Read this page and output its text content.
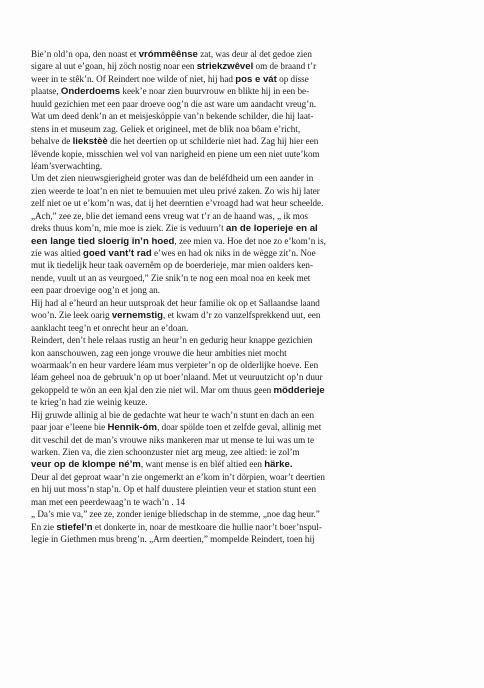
Bie’n old’n opa, den noast et vrómmêênse zat, was deur al det gedoe zien
sigare al uut e’goan, hij zöch nostig noar een striekzwêvel om de braand t’r
weer in te stêk’n. Of Reindert noe wilde of niet, hij had pos e vát op disse
plaatse, Onderdoems keek’e noar zien buurvrouw en blikte hij in een be-
huuld gezichien met een paar droeve oog’n die ast ware um aandacht vreug’n.
Wat um deed denk’n an et meisjesköppie van’n bekende schilder, die hij laat-
stens in et museum zag. Geliek et origineel, met de blik noa bôam e’richt,
behalve de liekstèè die het deertien op ut schilderie niet had. Zag hij hier een
lêvende kopie, misschien wel vol van narigheid en piene um een niet uute’kom
léam’sverwachting.
Um det zien nieuwsgierigheid groter was dan de beléfdheid um een aander in
zien weerde te loat’n en niet te bemuuien met uleu privé zaken. Zo wis hij later
zelf niet oe ut e’kom’n was, dat ij het deerntien e’vroagd had wat heur scheelde.
„Ach,” zee ze, blie det iemand eens vreug wat t’r an de haand was, „ ik mos
dreks thuus kom’n, mie moe is ziek. Zie is veduurn’t an de loperieje en al
een lange tied sloerig in’n hoed, zee mien va. Hoe det noe zo e’kom’n is,
zie was altied goed vant’t rad e’wes en had ok niks in de wègge zit’n. Noe
mut ik tiedelijk heur taak oavernêm op de boerderieje, mar mien oalders ken-
nende, vuult ut an as veurgoed,” Zie snik’n te nog een moal noa en keek met
een paar droevige oog’n et jong an.
Hij had al e’heurd an heur uutsproak det heur familie ok op et Sallaandse laand
woo’n. Zie leek oarig vernemstig, et kwam d’r zo vanzelfsprekkend uut, een
aanklacht teeg’n et onrecht heur an e’doan.
Reindert, den’t hele relaas rustig an heur’n en gedurig heur knappe gezichien
kon aanschouwen, zag een jonge vrouwe die heur ambities niet mocht
woarmaak’n en heur vardere léam mus verpieter’n op de olderlijke hoeve. Een
léam geheel noa de gebruuk’n op ut boer’nlaand. Met ut veuruutzicht op’n duur
gekoppeld te wön an een kjal den zie niet wil. Mar om thuus geen mödderieje
te krieg’n had zie weinig keuze.
Hij gruwde allinig al bie de gedachte wat heur te wach’n stunt en dach an een
paar joar e’leene bie Hennik-óm, doar spölde toen et zelfde geval, allinig met
dit veschil det de man’s vrouwe niks mankeren mar ut mense te lui was um te
warken. Zien va, die zien schoonzuster niet arg meug, zee altied: ie zol’m
veur op de klompe né’m, want mense is en bléf altied een härke.
Deur al det geproat waar’n zie ongemerkt an e’kom in’t dörpien, woar’t deertien
en hij uut moss’n stap’n. Op et half duustere pleintien veur et station stunt een
man met een peerdewaag’n te wach’n . 14
„ Da’s mie va,” zee ze, zonder ienige bliedschap in de stemme, „noe dag heur.”
En zie stiefel’n et donkerte in, noar de mestkoare die hullie naor’t boer’nspul-
legie in Giethmen mus breng’n. „Arm deertien,” mompelde Reindert, toen hij
